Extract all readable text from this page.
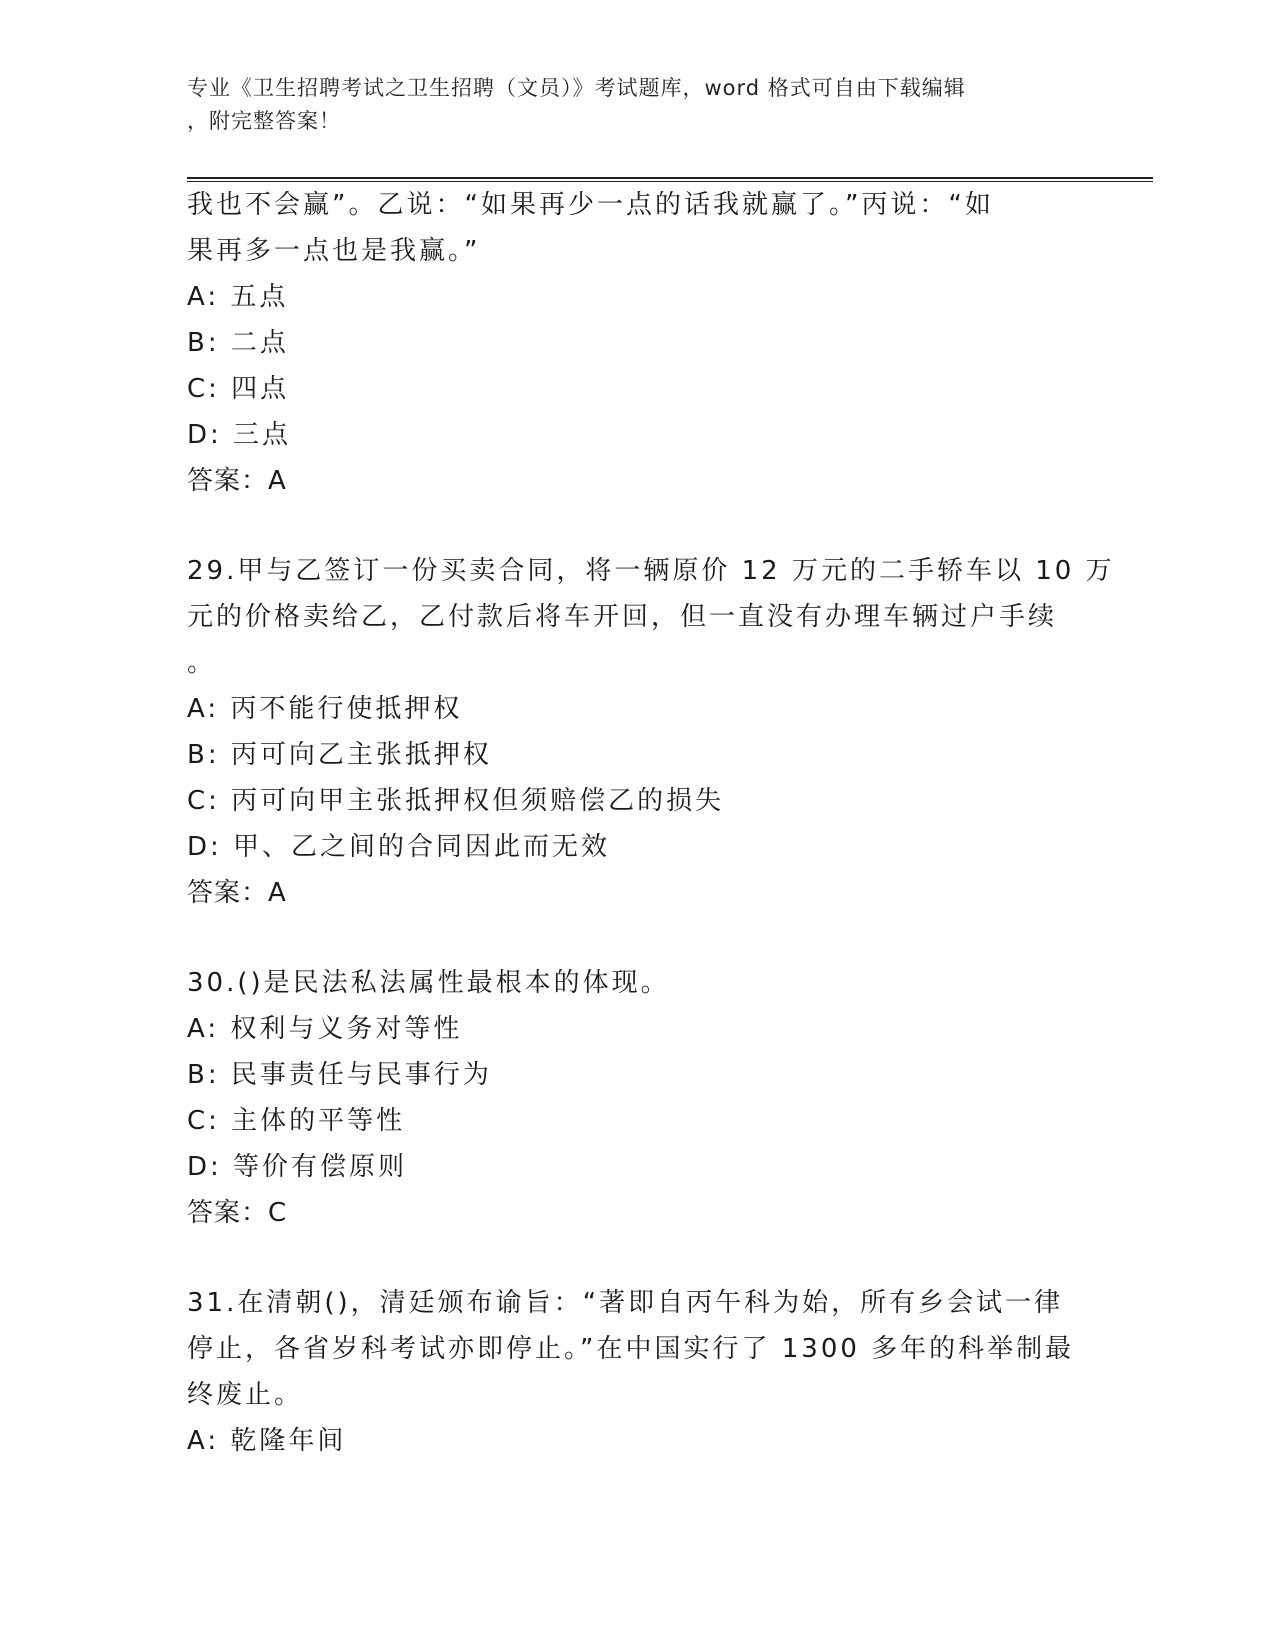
专业《卫生招聘考试之卫生招聘（文员）》考试题库，word 格式可自由下载编辑
，附完整答案！
我也不会赢”。乙说：“如果再少一点的话我就赢了。”丙说：“如
果再多一点也是我赢。”
A: 五点
B: 二点
C: 四点
D: 三点
答案：A
29.甲与乙签订一份买卖合同，将一辆原价 12 万元的二手轿车以 10 万
元的价格卖给乙，乙付款后将车开回，但一直没有办理车辆过户手续
。
A: 丙不能行使抵押权
B: 丙可向乙主张抵押权
C: 丙可向甲主张抵押权但须赔偿乙的损失
D: 甲、乙之间的合同因此而无效
答案：A
30.()是民法私法属性最根本的体现。
A: 权利与义务对等性
B: 民事责任与民事行为
C: 主体的平等性
D: 等价有偿原则
答案：C
31.在清朝()，清廷颁布谕旨：“著即自丙午科为始，所有乡会试一律
停止，各省岁科考试亦即停止。”在中国实行了 1300 多年的科举制最
终废止。
A: 乾隆年间
